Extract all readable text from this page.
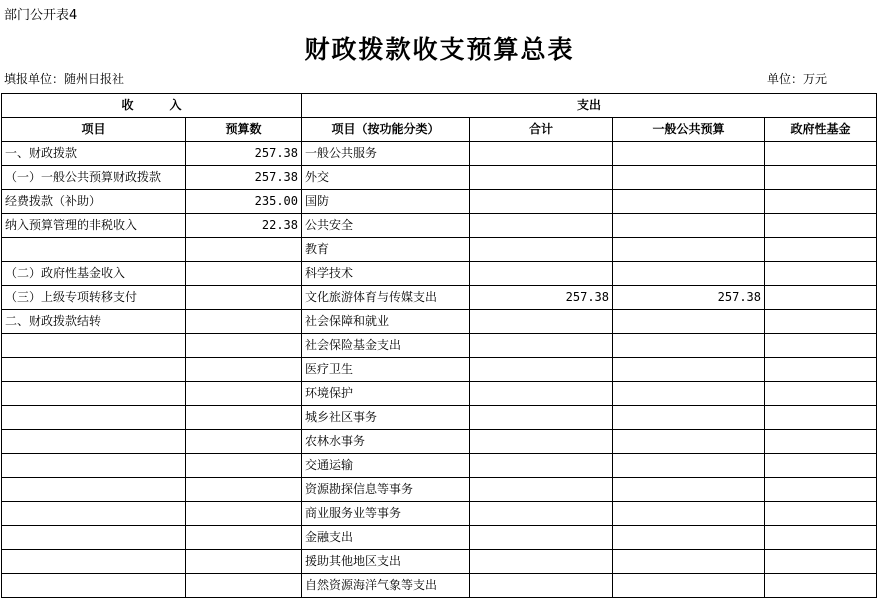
部门公开表4
财政拨款收支预算总表
填报单位：随州日报社	单位：万元
收　　　入		支出			
项目	预算数	项目（按功能分类）	合计	一般公共预算	政府性基金
一、财政拨款	257.38	一般公共服务			
（一）一般公共预算财政拨款	257.38	外交			
经费拨款（补助）	235.00	国防			
纳入预算管理的非税收入	22.38	公共安全			
		教育			
（二）政府性基金收入		科学技术			
（三）上级专项转移支付		文化旅游体育与传媒支出	257.38	257.38	
二、财政拨款结转		社会保障和就业			
		社会保险基金支出			
		医疗卫生			
		环境保护			
		城乡社区事务			
		农林水事务			
		交通运输			
		资源勘探信息等事务			
		商业服务业等事务			
		金融支出			
		援助其他地区支出			
		自然资源海洋气象等支出			
